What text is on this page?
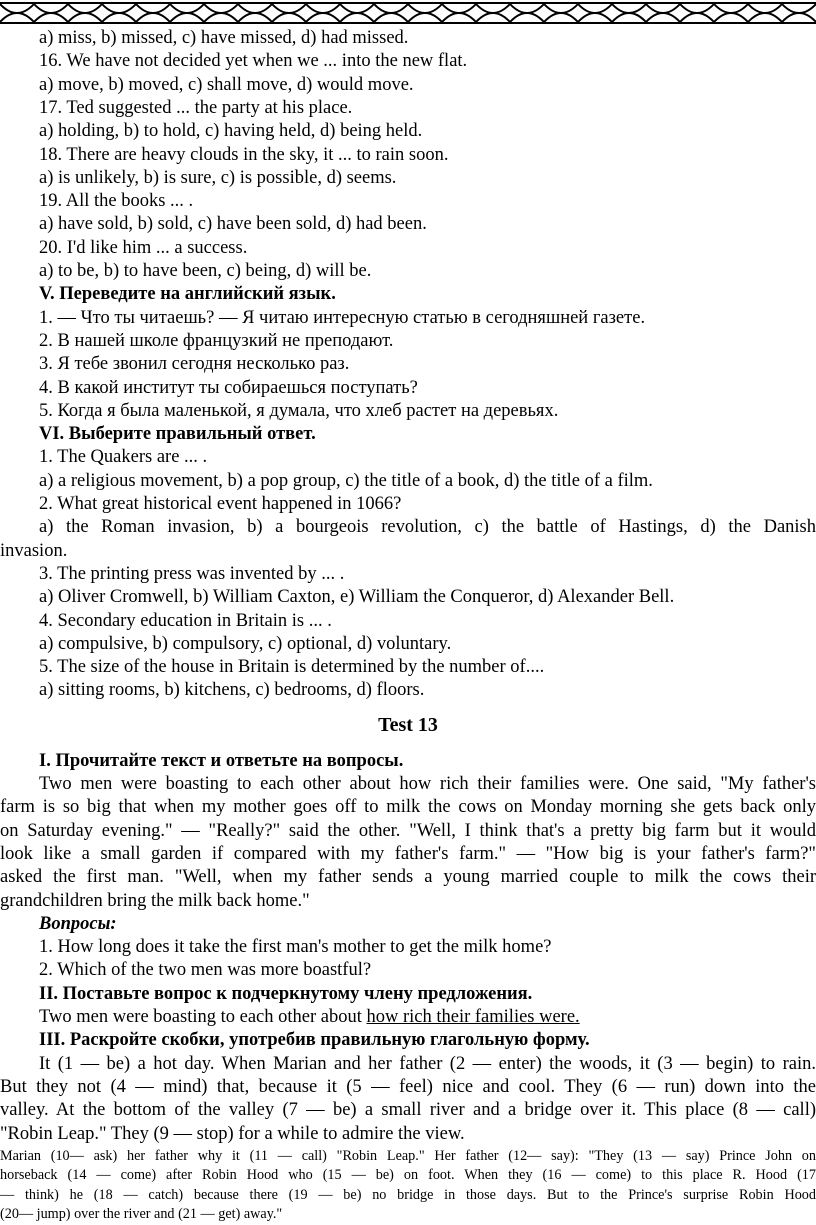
a) miss, b) missed, c) have missed, d) had missed.
16. We have not decided yet when we ... into the new flat.
a) move, b) moved, c) shall move, d) would move.
17. Ted suggested ... the party at his place.
a) holding, b) to hold, c) having held, d) being held.
18. There are heavy clouds in the sky, it ... to rain soon.
a) is unlikely, b) is sure, c) is possible, d) seems.
19. All the books ... .
a) have sold, b) sold, c) have been sold, d) had been.
20. I'd like him ... a success.
a) to be, b) to have been, c) being, d) will be.
V. Переведите на английский язык.
1. — Что ты читаешь? — Я читаю интересную статью в сегодняшней газете.
2. В нашей школе французкий не преподают.
3. Я тебе звонил сегодня несколько раз.
4. В какой институт ты собираешься поступать?
5. Когда я была маленькой, я думала, что хлеб растет на деревьях.
VI. Выберите правильный ответ.
1. The Quakers are ... .
a) a religious movement, b) a pop group, c) the title of a book, d) the title of a film.
2. What great historical event happened in 1066?
a) the Roman invasion, b) a bourgeois revolution, c) the battle of Hastings, d) the Danish
invasion.
3. The printing press was invented by ... .
a) Oliver Cromwell, b) William Caxton, e) William the Conqueror, d) Alexander Bell.
4. Secondary education in Britain is ... .
a) compulsive, b) compulsory, c) optional, d) voluntary.
5. The size of the house in Britain is determined by the number of....
a) sitting rooms, b) kitchens, c) bedrooms, d) floors.
Test 13
I. Прочитайте текст и ответьте на вопросы.
Two men were boasting to each other about how rich their families were. One said, "My father's
farm is so big that when my mother goes off to milk the cows on Monday morning she gets back only
on Saturday evening." — "Really?" said the other. "Well, I think that's a pretty big farm but it would
look like a small garden if compared with my father's farm." — "How big is your father's farm?"
asked the first man. "Well, when my father sends a young married couple to milk the cows their
grandchildren bring the milk back home."
Вопросы:
1. How long does it take the first man's mother to get the milk home?
2. Which of the two men was more boastful?
II. Поставьте вопрос к подчеркнутому члену предложения.
Two men were boasting to each other about how rich their families were.
III. Раскройте скобки, употребив правильную глагольную форму.
It (1 — be) a hot day. When Marian and her father (2 — enter) the woods, it (3 — begin) to rain.
But they not (4 — mind) that, because it (5 — feel) nice and cool. They (6 — run) down into the
valley. At the bottom of the valley (7 — be) a small river and a bridge over it. This place (8 — call)
"Robin Leap." They (9 — stop) for a while to admire the view.
Marian (10— ask) her father why it (11 — call) "Robin Leap." Her father (12— say): "They (13 — say) Prince John on
horseback (14 — come) after Robin Hood who (15 — be) on foot. When they (16 — come) to this place R. Hood (17
— think) he (18 — catch) because there (19 — be) no bridge in those days. But to the Prince's surprise Robin Hood
(20— jump) over the river and (21 — get) away."
